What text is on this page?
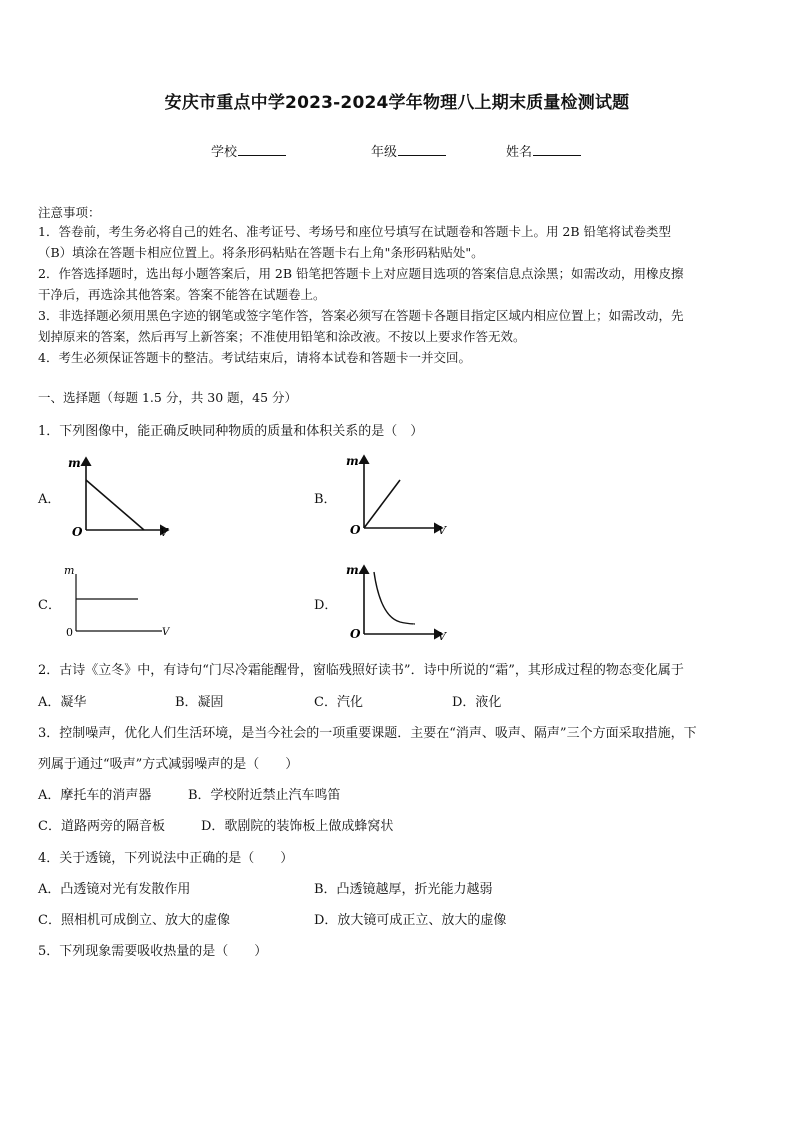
安庆市重点中学2023-2024学年物理八上期末质量检测试题
学校	年级	姓名
注意事项：
1．答卷前，考生务必将自己的姓名、准考证号、考场号和座位号填写在试题卷和答题卡上。用 2B 铅笔将试卷类型
（B）填涂在答题卡相应位置上。将条形码粘贴在答题卡右上角"条形码粘贴处"。
2．作答选择题时，选出每小题答案后，用 2B 铅笔把答题卡上对应题目选项的答案信息点涂黑；如需改动，用橡皮擦
干净后，再选涂其他答案。答案不能答在试题卷上。
3．非选择题必须用黑色字迹的钢笔或签字笔作答，答案必须写在答题卡各题目指定区域内相应位置上；如需改动，先
划掉原来的答案，然后再写上新答案；不准使用铅笔和涂改液。不按以上要求作答无效。
4．考生必须保证答题卡的整洁。考试结束后，请将本试卷和答题卡一并交回。
一、选择题（每题 1.5 分，共 30 题，45 分）
1．下列图像中，能正确反映同种物质的质量和体积关系的是（　）
A．	B．
C．	D．
m
O	V
m
O	V
m
0	V
m
O	V
2．古诗《立冬》中，有诗句“门尽冷霜能醒骨，窗临残照好读书”．诗中所说的“霜”，其形成过程的物态变化属于
A．凝华	B．凝固	C．汽化	D．液化
3．控制噪声，优化人们生活环境，是当今社会的一项重要课题．主要在“消声、吸声、隔声”三个方面采取措施，下
列属于通过“吸声”方式减弱噪声的是（　　）
A．摩托车的消声器	B．学校附近禁止汽车鸣笛
C．道路两旁的隔音板	D．歌剧院的装饰板上做成蜂窝状
4．关于透镜，下列说法中正确的是（　　）
A．凸透镜对光有发散作用	B．凸透镜越厚，折光能力越弱
C．照相机可成倒立、放大的虚像	D．放大镜可成正立、放大的虚像
5．下列现象需要吸收热量的是（　　）
